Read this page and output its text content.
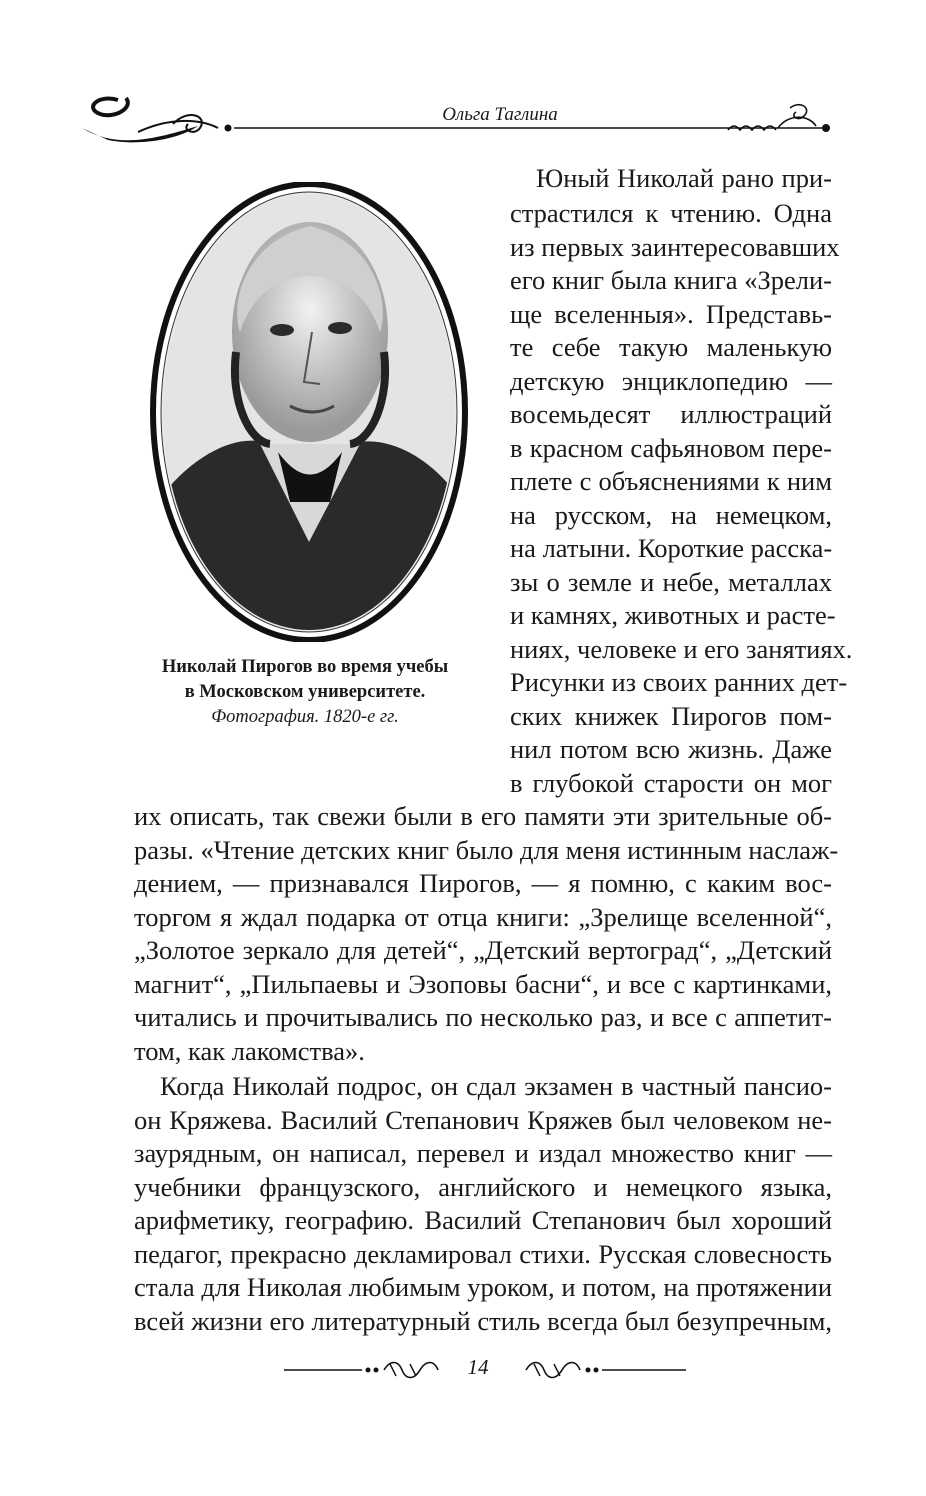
Ольга Таглина
Николай Пирогов во время учебы
в Московском университете.
Фотография. 1820-е гг.
Юный Николай рано при-
страстился к чтению. Одна
из первых заинтересовавших
его книг была книга «Зрели-
ще вселенныя». Представь-
те себе такую маленькую
детскую энциклопедию —
восемьдесят иллюстраций
в красном сафьяновом пере-
плете с объяснениями к ним
на русском, на немецком,
на латыни. Короткие расска-
зы о земле и небе, металлах
и камнях, животных и расте-
ниях, человеке и его занятиях.
Рисунки из своих ранних дет-
ских книжек Пирогов пом-
нил потом всю жизнь. Даже
в глубокой старости он мог
их описать, так свежи были в его памяти эти зрительные об-
разы. «Чтение детских книг было для меня истинным наслаж-
дением, — признавался Пирогов, — я помню, с каким вос-
торгом я ждал подарка от отца книги: „Зрелище вселенной“,
„Золотое зеркало для детей“, „Детский вертоград“, „Детский
магнит“, „Пильпаевы и Эзоповы басни“, и все с картинками,
читались и прочитывались по несколько раз, и все с аппетит-
том, как лакомства».
Когда Николай подрос, он сдал экзамен в частный пансио-
он Кряжева. Василий Степанович Кряжев был человеком не-
заурядным, он написал, перевел и издал множество книг —
учебники французского, английского и немецкого языка,
арифметику, географию. Василий Степанович был хороший
педагог, прекрасно декламировал стихи. Русская словесность
стала для Николая любимым уроком, и потом, на протяжении
всей жизни его литературный стиль всегда был безупречным,
14
